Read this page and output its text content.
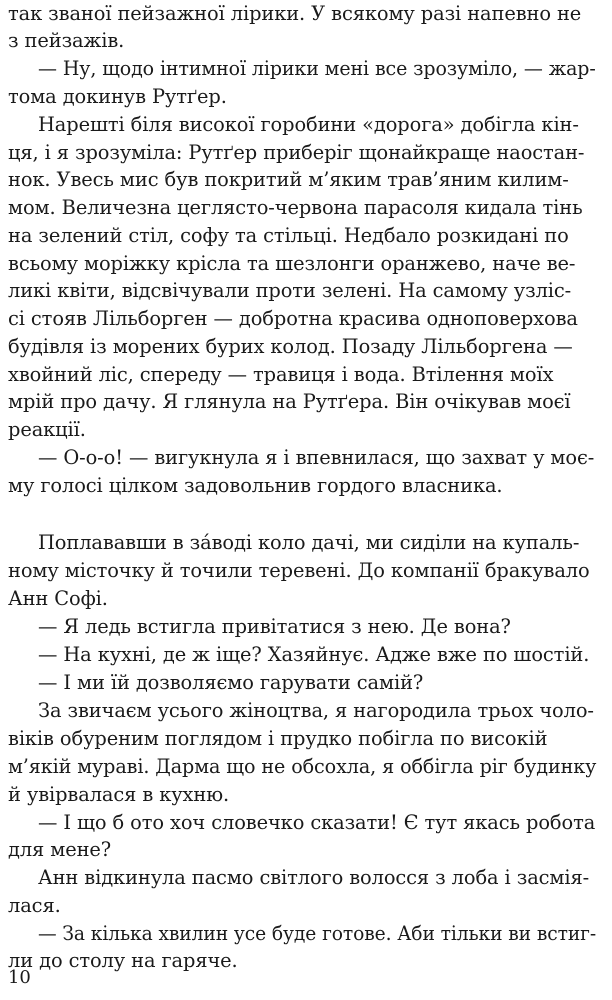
так званої пейзажної лірики. У всякому разі напевно не
з пейзажів.
— Ну, щодо інтимної лірики мені все зрозуміло, — жар-
тома докинув Рутґер.
Нарешті біля високої горобини «дорога» добігла кін-
ця, і я зрозуміла: Рутґер приберіг щонайкраще наостан-
нок. Увесь мис був покритий м’яким трав’яним килим-
мом. Величезна цеглясто-червона парасоля кидала тінь
на зелений стіл, софу та стільці. Недбало розкидані по
всьому моріжку крісла та шезлонги оранжево, наче ве-
ликі квіти, відсвічували проти зелені. На самому узліс-
сі стояв Лільборген — добротна красива одноповерхова
будівля із морених бурих колод. Позаду Лільборгена —
хвойний ліс, спереду — травиця і вода. Втілення моїх
мрій про дачу. Я глянула на Рутґера. Він очікував моєї
реакції.
— О-о-о! — вигукнула я і впевнилася, що захват у моє-
му голосі цілком задовольнив гордого власника.
Поплававши в за́воді коло дачі, ми сиділи на купаль-
ному місточку й точили теревені. До компанії бракувало
Анн Софі.
— Я ледь встигла привітатися з нею. Де вона?
— На кухні, де ж іще? Хазяйнує. Адже вже по шостій.
— І ми їй дозволяємо гарувати самій?
За звичаєм усього жіноцтва, я нагородила трьох чоло-
віків обуреним поглядом і прудко побігла по високій
м’якій мураві. Дарма що не обсохла, я оббігла ріг будинку
й увірвалася в кухню.
— І що б ото хоч словечко сказати! Є тут якась робота
для мене?
Анн відкинула пасмо світлого волосся з лоба і засмія-
лася.
— За кілька хвилин усе буде готове. Аби тільки ви встиг-
ли до столу на гаряче.
10
